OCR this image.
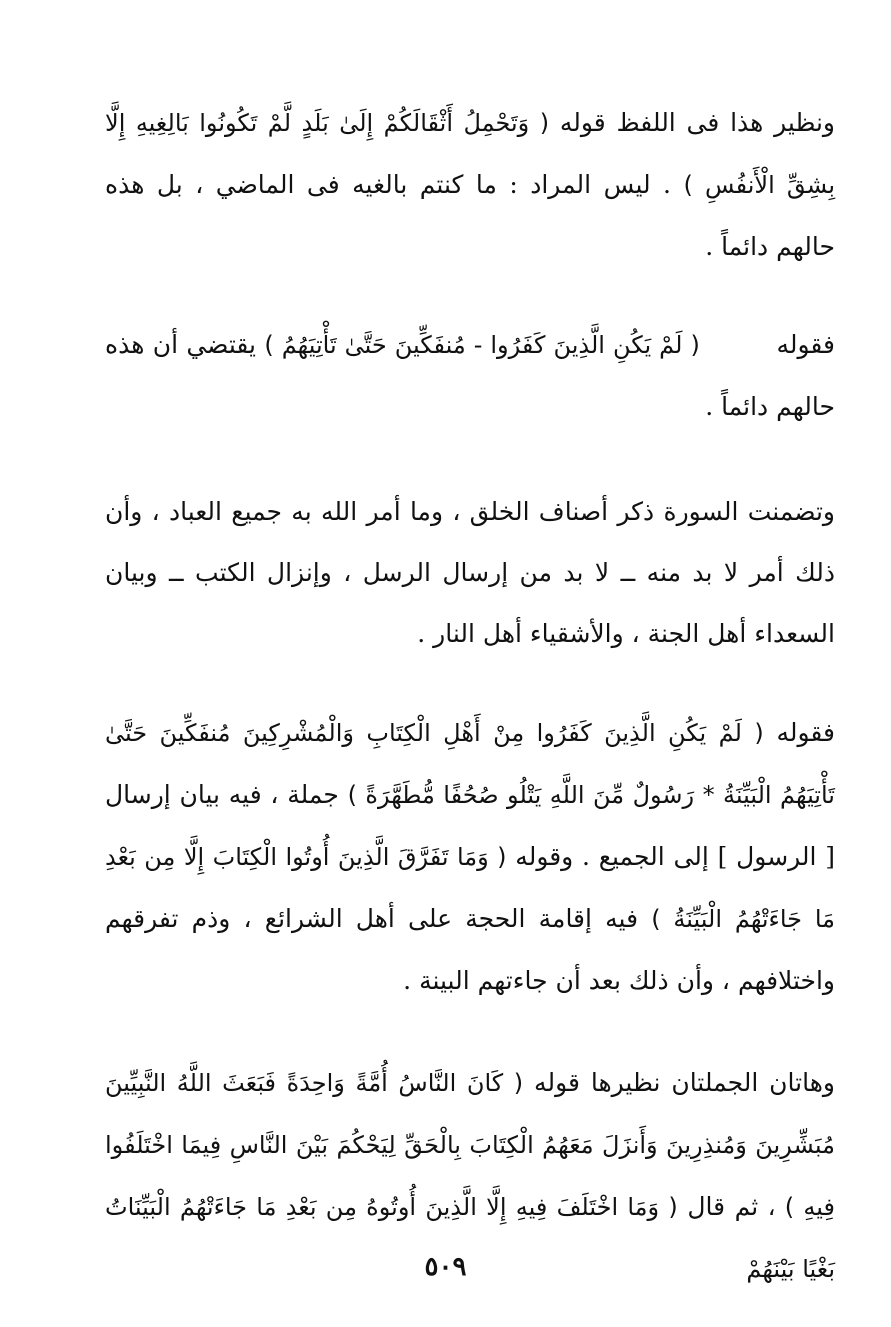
ونظير هذا فى اللفظ قوله ( وَتَحْمِلُ أَثْقَالَكُمْ إِلَىٰ بَلَدٍ لَّمْ تَكُونُوا بَالِغِيهِ إِلَّا بِشِقِّ الْأَنفُسِ ) . ليس المراد : ما كنتم بالغيه فى الماضي ، بل هذه حالهم دائماً .

فقوله  ( لَمْ يَكُنِ الَّذِينَ كَفَرُوا - مُنفَكِّينَ حَتَّىٰ تَأْتِيَهُمُ ) يقتضي أن هذه حالهم دائماً .

وتضمنت السورة ذكر أصناف الخلق ، وما أمر الله به جميع العباد ، وأن ذلك أمر لا بد منه ــ لا بد من إرسال الرسل ، وإنزال الكتب ــ وبيان السعداء أهل الجنة ، والأشقياء أهل النار .

فقوله ( لَمْ يَكُنِ الَّذِينَ كَفَرُوا مِنْ أَهْلِ الْكِتَابِ وَالْمُشْرِكِينَ مُنفَكِّينَ حَتَّىٰ تَأْتِيَهُمُ الْبَيِّنَةُ * رَسُولٌ مِّنَ اللَّهِ يَتْلُو صُحُفًا مُّطَهَّرَةً ) جملة ، فيه بيان إرسال [ الرسول ] إلى الجميع . وقوله ( وَمَا تَفَرَّقَ الَّذِينَ أُوتُوا الْكِتَابَ إِلَّا مِن بَعْدِ مَا جَاءَتْهُمُ الْبَيِّنَةُ ) فيه إقامة الحجة على أهل الشرائع ، وذم تفرقهم واختلافهم ، وأن ذلك بعد أن جاءتهم البينة .

وهاتان الجملتان نظيرها قوله ( كَانَ النَّاسُ أُمَّةً وَاحِدَةً فَبَعَثَ اللَّهُ النَّبِيِّينَ مُبَشِّرِينَ وَمُنذِرِينَ وَأَنزَلَ مَعَهُمُ الْكِتَابَ بِالْحَقِّ لِيَحْكُمَ بَيْنَ النَّاسِ فِيمَا اخْتَلَفُوا فِيهِ ) ، ثم قال ( وَمَا اخْتَلَفَ فِيهِ إِلَّا الَّذِينَ أُوتُوهُ مِن بَعْدِ مَا جَاءَتْهُمُ الْبَيِّنَاتُ بَغْيًا بَيْنَهُمْ

٥٠٩
